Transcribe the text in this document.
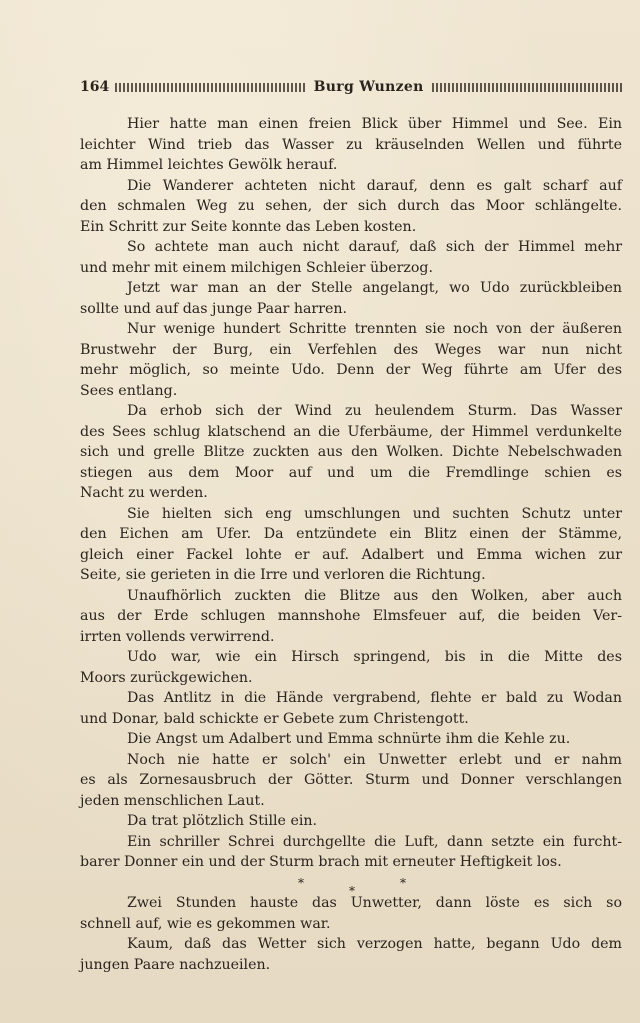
164	Burg Wunzen
Hier hatte man einen freien Blick über Himmel und See. Ein
leichter Wind trieb das Wasser zu kräuselnden Wellen und führte
am Himmel leichtes Gewölk herauf.
Die Wanderer achteten nicht darauf, denn es galt scharf auf
den schmalen Weg zu sehen, der sich durch das Moor schlängelte.
Ein Schritt zur Seite konnte das Leben kosten.
So achtete man auch nicht darauf, daß sich der Himmel mehr
und mehr mit einem milchigen Schleier überzog.
Jetzt war man an der Stelle angelangt, wo Udo zurückbleiben
sollte und auf das junge Paar harren.
Nur wenige hundert Schritte trennten sie noch von der äußeren
Brustwehr der Burg, ein Verfehlen des Weges war nun nicht
mehr möglich, so meinte Udo. Denn der Weg führte am Ufer des
Sees entlang.
Da erhob sich der Wind zu heulendem Sturm. Das Wasser
des Sees schlug klatschend an die Uferbäume, der Himmel verdunkelte
sich und grelle Blitze zuckten aus den Wolken. Dichte Nebelschwaden
stiegen aus dem Moor auf und um die Fremdlinge schien es
Nacht zu werden.
Sie hielten sich eng umschlungen und suchten Schutz unter
den Eichen am Ufer. Da entzündete ein Blitz einen der Stämme,
gleich einer Fackel lohte er auf. Adalbert und Emma wichen zur
Seite, sie gerieten in die Irre und verloren die Richtung.
Unaufhörlich zuckten die Blitze aus den Wolken, aber auch
aus der Erde schlugen mannshohe Elmsfeuer auf, die beiden Ver-
irrten vollends verwirrend.
Udo war, wie ein Hirsch springend, bis in die Mitte des
Moors zurückgewichen.
Das Antlitz in die Hände vergrabend, flehte er bald zu Wodan
und Donar, bald schickte er Gebete zum Christengott.
Die Angst um Adalbert und Emma schnürte ihm die Kehle zu.
Noch nie hatte er solch' ein Unwetter erlebt und er nahm
es als Zornesausbruch der Götter. Sturm und Donner verschlangen
jeden menschlichen Laut.
Da trat plötzlich Stille ein.
Ein schriller Schrei durchgellte die Luft, dann setzte ein furcht-
barer Donner ein und der Sturm brach mit erneuter Heftigkeit los.
*
*
*
Zwei Stunden hauste das Unwetter, dann löste es sich so
schnell auf, wie es gekommen war.
Kaum, daß das Wetter sich verzogen hatte, begann Udo dem
jungen Paare nachzueilen.
